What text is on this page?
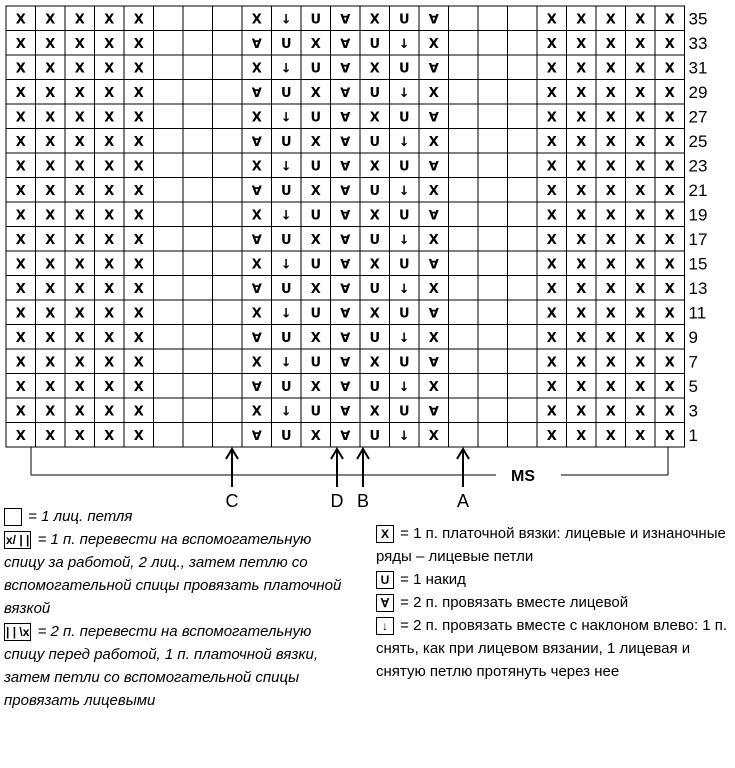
X X X X X	X ↓ U ∀ X U ∀	X X X X X 35
X X X X X	∀ U X ∀ U ↓ X	X X X X X 33
X X X X X	X ↓ U ∀ X U ∀	X X X X X 31
X X X X X	∀ U X ∀ U ↓ X	X X X X X 29
X X X X X	X ↓ U ∀ X U ∀	X X X X X 27
X X X X X	∀ U X ∀ U ↓ X	X X X X X 25
X X X X X	X ↓ U ∀ X U ∀	X X X X X 23
X X X X X	∀ U X ∀ U ↓ X	X X X X X 21
X X X X X	X ↓ U ∀ X U ∀	X X X X X 19
X X X X X	∀ U X ∀ U ↓ X	X X X X X 17
X X X X X	X ↓ U ∀ X U ∀	X X X X X 15
X X X X X	∀ U X ∀ U ↓ X	X X X X X 13
X X X X X	X ↓ U ∀ X U ∀	X X X X X 11
X X X X X	∀ U X ∀ U ↓ X	X X X X X 9
X X X X X	X ↓ U ∀ X U ∀	X X X X X 7
X X X X X	∀ U X ∀ U ↓ X	X X X X X 5
X X X X X	X ↓ U ∀ X U ∀	X X X X X 3
X X X X X	∀ U X ∀ U ↓ X	X X X X X 1
MS
C	D B	A
= 1 лиц. петля
x/ | | = 1 п. перевести на вспомогательную спицу за работой, 2 лиц., затем петлю со вспомогательной спицы провязать платочной вязкой
| | \x = 2 п. перевести на вспомогательную спицу перед работой, 1 п. платочной вязки, затем петли со вспомогательной спицы провязать лицевыми
X = 1 п. платочной вязки: лицевые и изнаночные ряды – лицевые петли
U = 1 накид
∀ = 2 п. провязать вместе лицевой
↓ = 2 п. провязать вместе с наклоном влево: 1 п. снять, как при лицевом вязании, 1 лицевая и снятую петлю протянуть через нее
